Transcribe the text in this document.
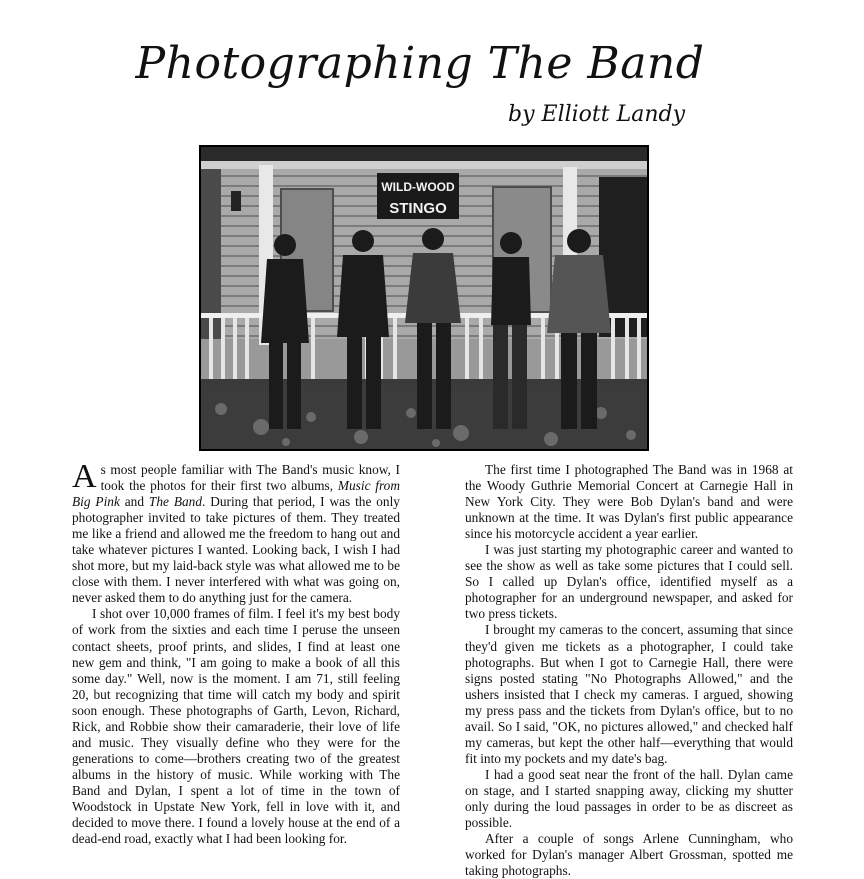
Photographing The Band
by Elliott Landy
WILD-WOOD
STINGO

As most people familiar with The Band's music know, I took the photos for their first two albums, Music from Big Pink and The Band. During that period, I was the only photographer invited to take pictures of them. They treated me like a friend and allowed me the freedom to hang out and take whatever pictures I wanted. Looking back, I wish I had shot more, but my laid-back style was what allowed me to be close with them. I never interfered with what was going on, never asked them to do anything just for the camera.

I shot over 10,000 frames of film. I feel it's my best body of work from the sixties and each time I peruse the unseen contact sheets, proof prints, and slides, I find at least one new gem and think, "I am going to make a book of all this some day." Well, now is the moment. I am 71, still feeling 20, but recognizing that time will catch my body and spirit soon enough. These photographs of Garth, Levon, Richard, Rick, and Robbie show their camaraderie, their love of life and music. They visually define who they were for the generations to come—brothers creating two of the greatest albums in the history of music. While working with The Band and Dylan, I spent a lot of time in the town of Woodstock in Upstate New York, fell in love with it, and decided to move there. I found a lovely house at the end of a dead-end road, exactly what I had been looking for.

The first time I photographed The Band was in 1968 at the Woody Guthrie Memorial Concert at Carnegie Hall in New York City. They were Bob Dylan's band and were unknown at the time. It was Dylan's first public appearance since his motorcycle accident a year earlier.

I was just starting my photographic career and wanted to see the show as well as take some pictures that I could sell. So I called up Dylan's office, identified myself as a photographer for an underground newspaper, and asked for two press tickets.

I brought my cameras to the concert, assuming that since they'd given me tickets as a photographer, I could take photographs. But when I got to Carnegie Hall, there were signs posted stating "No Photographs Allowed," and the ushers insisted that I check my cameras. I argued, showing my press pass and the tickets from Dylan's office, but to no avail. So I said, "OK, no pictures allowed," and checked half my cameras, but kept the other half—everything that would fit into my pockets and my date's bag.

I had a good seat near the front of the hall. Dylan came on stage, and I started snapping away, clicking my shutter only during the loud passages in order to be as discreet as possible.

After a couple of songs Arlene Cunningham, who worked for Dylan's manager Albert Grossman, spotted me taking photographs.
